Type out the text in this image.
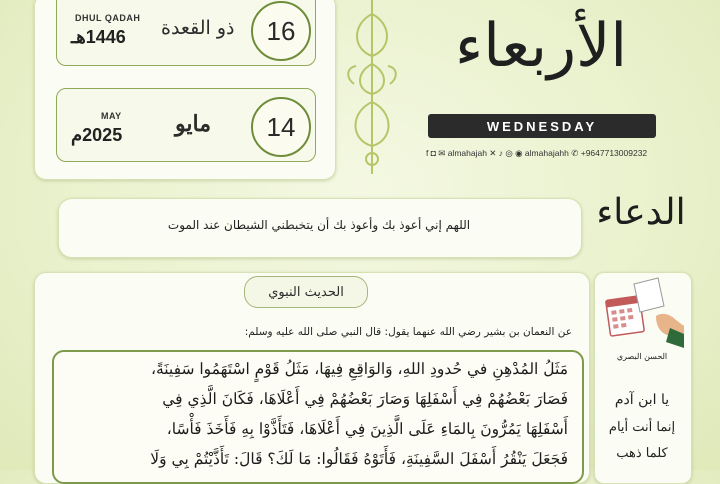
DHUL QADAH
1446هـ ذو القعدة	16
MAY
2025م مايو	14
الأربعاء
WEDNESDAY
f ◘ ✉ almahajah ✕ ♪ ◎ ◉ almahajahh ✆ +9647713009232
اللهم إني أعوذ بك وأعوذ بك أن يتخبطني الشيطان عند الموت	الدعاء
الحديث النبوي
عن النعمان بن بشير رضي الله عنهما يقول: قال النبي صلى الله عليه وسلم:
مَثَلُ المُدْهِنِ في حُدودِ اللهِ، وَالوَاقِعِ فِيهَا، مَثَلُ قَوْمٍ اسْتَهَمُوا سَفِينَةً،
فَصَارَ بَعْضُهُمْ فِي أَسْفَلِهَا وَصَارَ بَعْضُهُمْ فِي أَعْلَاهَا، فَكَانَ الَّذِي فِي
أَسْفَلِهَا يَمُرُّونَ بِالمَاءِ عَلَى الَّذِينَ فِي أَعْلَاهَا، فَتَأَذَّوْا بِهِ فَأَخَذَ فَأْسًا،
فَجَعَلَ يَنْقُرُ أَسْفَلَ السَّفِينَةِ، فَأَتَوْهُ فَقَالُوا: مَا لَكَ؟ قَالَ: تَأَذَّيْتُمْ بِي وَلَا
الحسن البصري
يا ابن آدم
إنما أنت أيام
كلما ذهب
